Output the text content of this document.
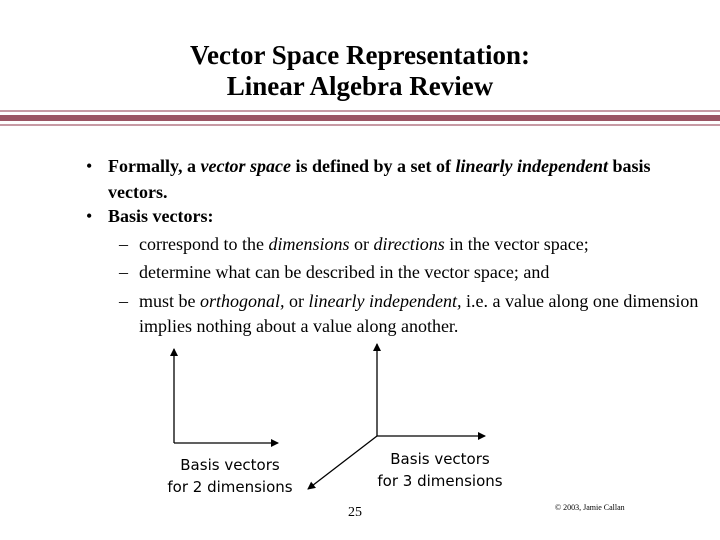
Vector Space Representation:
Linear Algebra Review
• Formally, a vector space is defined by a set of linearly independent basis vectors.
• Basis vectors:
– correspond to the dimensions or directions in the vector space;
– determine what can be described in the vector space; and
– must be orthogonal, or linearly independent, i.e. a value along one dimension implies nothing about a value along another.
Basis vectors
for 2 dimensions
Basis vectors
for 3 dimensions
25	© 2003, Jamie Callan
